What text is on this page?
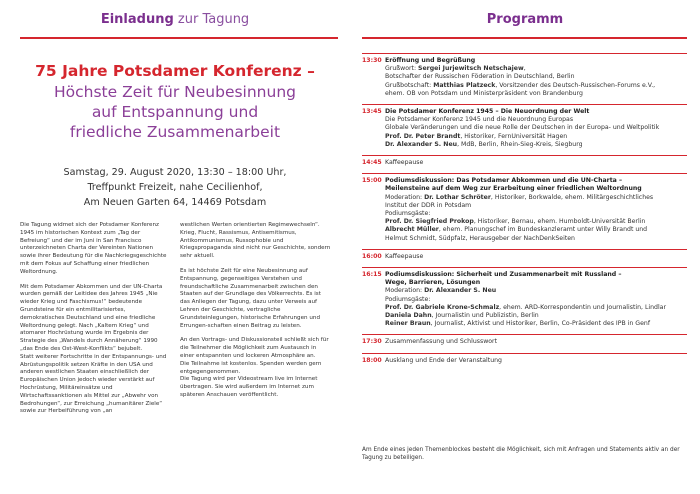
Einladung zur Tagung
75 Jahre Potsdamer Konferenz –
Höchste Zeit für Neubesinnung
auf Entspannung und
friedliche Zusammenarbeit
Samstag, 29. August 2020, 13:30 – 18:00 Uhr,
Treffpunkt Freizeit, nahe Cecilienhof,
Am Neuen Garten 64, 14469 Potsdam

Die Tagung widmet sich der Potsdamer Konferenz 1945 im historischen Kontext zum „Tag der Befreiung“ und der im Juni in San Francisco unterzeichneten Charta der Vereinten Nationen sowie ihrer Bedeutung für die Nachkriegsgeschichte mit dem Fokus auf Schaffung einer friedlichen Weltordnung.

Mit dem Potsdamer Abkommen und der UN-Charta wurden gemäß der Leitidee des Jahres 1945 „Nie wieder Krieg und Faschismus!“ bedeutende Grundsteine für ein entmilitarisiertes, demokratisches Deutschland und eine friedliche Weltordnung gelegt. Nach „Kaltem Krieg“ und atomarer Hochrüstung wurde im Ergebnis der Strategie des „Wandels durch Annäherung“ 1990 „das Ende des Ost-West-Konflikts“ bejubelt.

Statt weiterer Fortschritte in der Entspannungs- und Abrüstungspolitik setzen Kräfte in den USA und anderen westlichen Staaten einschließlich der Europäischen Union jedoch wieder verstärkt auf Hochrüstung, Militäreinsätze und Wirtschaftssanktionen als Mittel zur „Abwehr von Bedrohungen“, zur Erreichung „humanitärer Ziele“ sowie zur Herbeiführung von „an

westlichen Werten orientierten Regimewechseln“. Krieg, Flucht, Rassismus, Antisemitismus, Antikommunismus, Russophobie und Kriegspropaganda sind nicht nur Geschichte, sondern sehr aktuell.

Es ist höchste Zeit für eine Neubesinnung auf Entspannung, gegenseitiges Verstehen und freundschaftliche Zusammenarbeit zwischen den Staaten auf der Grundlage des Völkerrechts. Es ist das Anliegen der Tagung, dazu unter Verweis auf Lehren der Geschichte, vertragliche Grundsteinlegungen, historische Erfahrungen und Errungen-schaften einen Beitrag zu leisten.

An den Vortrags- und Diskussionsteil schließt sich für die Teilnehmer die Möglichkeit zum Austausch in einer entspannten und lockeren Atmosphäre an.

Die Teilnahme ist kostenlos. Spenden werden gern entgegengenommen.

Die Tagung wird per Videostream live im Internet übertragen. Sie wird außerdem im Internet zum späteren Anschauen veröffentlicht.

Programm
13:30 Eröffnung und Begrüßung
Grußwort: Sergei Jurjewitsch Netschajew,
Botschafter der Russischen Föderation in Deutschland, Berlin
Grußbotschaft: Matthias Platzeck, Vorsitzender des Deutsch-Russischen-Forums e.V.,
ehem. OB von Potsdam und Ministerpräsident von Brandenburg
13:45 Die Potsdamer Konferenz 1945 – Die Neuordnung der Welt
Die Potsdamer Konferenz 1945 und die Neuordnung Europas
Globale Veränderungen und die neue Rolle der Deutschen in der Europa- und Weltpolitik
Prof. Dr. Peter Brandt, Historiker, FernUniversität Hagen
Dr. Alexander S. Neu, MdB, Berlin, Rhein-Sieg-Kreis, Siegburg
14:45 Kaffeepause
15:00 Podiumsdiskussion: Das Potsdamer Abkommen und die UN-Charta –
Meilensteine auf dem Weg zur Erarbeitung einer friedlichen Weltordnung
Moderation: Dr. Lothar Schröter, Historiker, Borkwalde, ehem. Militärgeschichtliches
Institut der DDR in Potsdam
Podiumsgäste:
Prof. Dr. Siegfried Prokop, Historiker, Bernau, ehem. Humboldt-Universität Berlin
Albrecht Müller, ehem. Planungschef im Bundeskanzleramt unter Willy Brandt und
Helmut Schmidt, Südpfalz, Herausgeber der NachDenkSeiten
16:00 Kaffeepause
16:15 Podiumsdiskussion: Sicherheit und Zusammenarbeit mit Russland –
Wege, Barrieren, Lösungen
Moderation: Dr. Alexander S. Neu
Podiumsgäste:
Prof. Dr. Gabriele Krone-Schmalz, ehem. ARD-Korrespondentin und Journalistin, Lindlar
Daniela Dahn, Journalistin und Publizistin, Berlin
Reiner Braun, Journalist, Aktivist und Historiker, Berlin, Co-Präsident des IPB in Genf
17:30 Zusammenfassung und Schlusswort
18:00 Ausklang und Ende der Veranstaltung
Am Ende eines jeden Themenblockes besteht die Möglichkeit, sich mit Anfragen und Statements aktiv an der Tagung zu beteiligen.
